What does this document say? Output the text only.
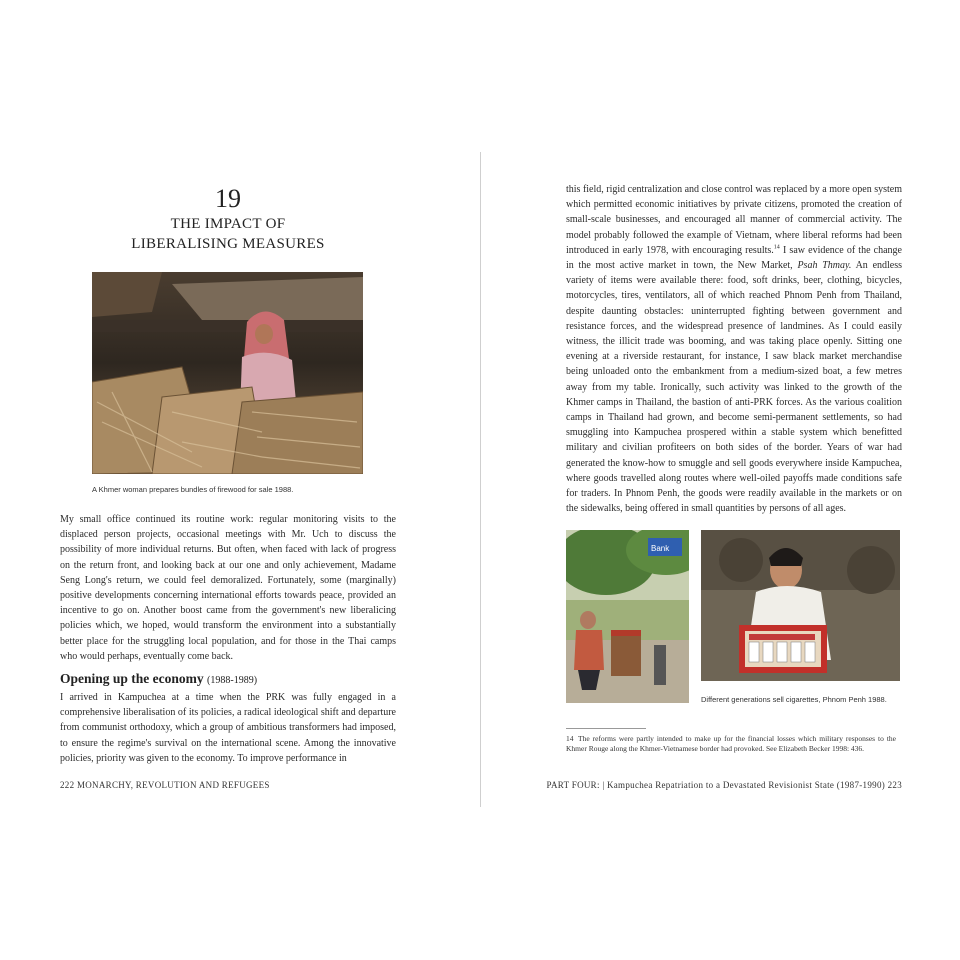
19
THE IMPACT OF
LIBERALISING MEASURES
A Khmer woman prepares bundles of firewood for sale 1988.

My small office continued its routine work: regular monitoring visits to the displaced person projects, occasional meetings with Mr. Uch to discuss the possibility of more individual returns. But often, when faced with lack of progress on the return front, and looking back at our one and only achievement, Madame Seng Long's return, we could feel demoralized. Fortunately, some (marginally) positive developments concerning international efforts towards peace, provided an incentive to go on. Another boost came from the government's new liberalicing policies which, we hoped, would transform the environment into a substantially better place for the struggling local population, and for those in the Thai camps who would perhaps, eventually come back.

Opening up the economy (1988-1989)

I arrived in Kampuchea at a time when the PRK was fully engaged in a comprehensive liberalisation of its policies, a radical ideological shift and departure from communist orthodoxy, which a group of ambitious transformers had imposed, to ensure the regime's survival on the international scene. Among the innovative policies, priority was given to the economy. To improve performance in

222 MONARCHY, REVOLUTION AND REFUGEES

this field, rigid centralization and close control was replaced by a more open system which permitted economic initiatives by private citizens, promoted the creation of small-scale businesses, and encouraged all manner of commercial activity. The model probably followed the example of Vietnam, where liberal reforms had been introduced in early 1978, with encouraging results.$^{14}$ I saw evidence of the change in the most active market in town, the New Market, Psah Thmay. An endless variety of items were available there: food, soft drinks, beer, clothing, bicycles, motorcycles, tires, ventilators, all of which reached Phnom Penh from Thailand, despite daunting obstacles: uninterrupted fighting between government and resistance forces, and the widespread presence of landmines. As I could easily witness, the illicit trade was booming, and was taking place openly. Sitting one evening at a riverside restaurant, for instance, I saw black market merchandise being unloaded onto the embankment from a medium-sized boat, a few metres away from my table. Ironically, such activity was linked to the growth of the Khmer camps in Thailand, the bastion of anti-PRK forces. As the various coalition camps in Thailand had grown, and become semi-permanent settlements, so had smuggling into Kampuchea prospered within a stable system which benefitted military and civilian profiteers on both sides of the border. Years of war had generated the know-how to smuggle and sell goods everywhere inside Kampuchea, where goods travelled along routes where well-oiled payoffs made conditions safe for traders. In Phnom Penh, the goods were readily available in the markets or on the sidewalks, being offered in small quantities by persons of all ages.

Bank
Different generations sell cigarettes, Phnom Penh 1988.
14 The reforms were partly intended to make up for the financial losses which military responses to the Khmer Rouge along the Khmer-Vietnamese border had provoked. See Elizabeth Becker 1998: 436.
PART FOUR: | Kampuchea Repatriation to a Devastated Revisionist State (1987-1990) 223
